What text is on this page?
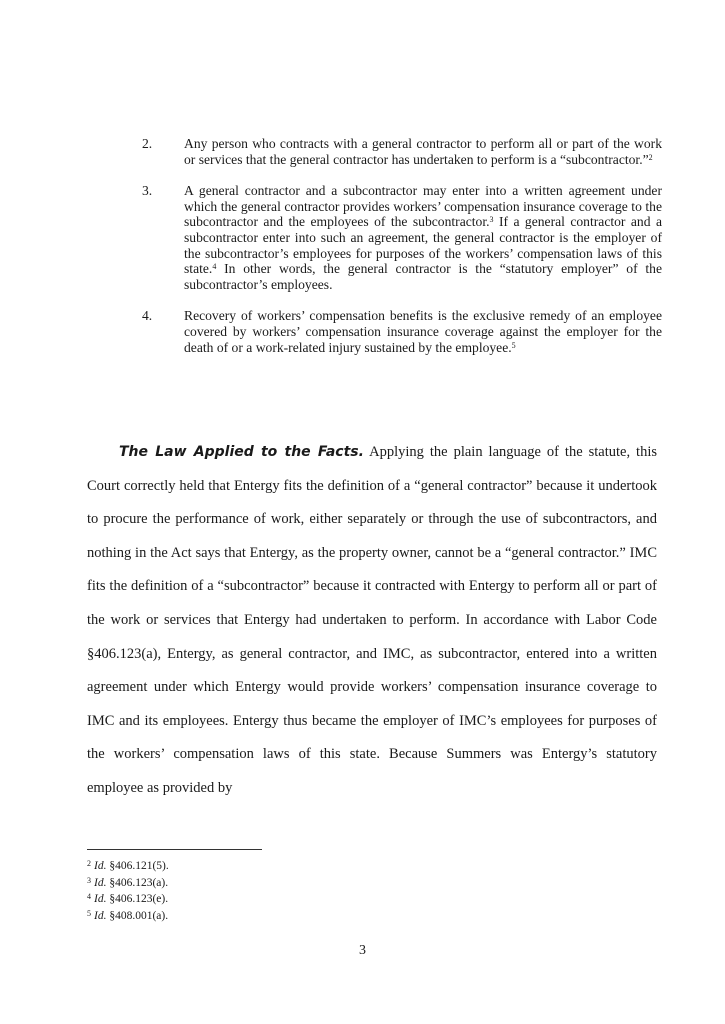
2.	Any person who contracts with a general contractor to perform all or part of the work or services that the general contractor has undertaken to perform is a “subcontractor.”$^2$
3.	A general contractor and a subcontractor may enter into a written agreement under which the general contractor provides workers’ compensation insurance coverage to the subcontractor and the employees of the subcontractor.$^3$ If a general contractor and a subcontractor enter into such an agreement, the general contractor is the employer of the subcontractor’s employees for purposes of the workers’ compensation laws of this state.$^4$ In other words, the general contractor is the “statutory employer” of the subcontractor’s employees.
4.	Recovery of workers’ compensation benefits is the exclusive remedy of an employee covered by workers’ compensation insurance coverage against the employer for the death of or a work-related injury sustained by the employee.$^5$
The Law Applied to the Facts. Applying the plain language of the statute, this Court correctly held that Entergy fits the definition of a “general contractor” because it undertook to procure the performance of work, either separately or through the use of subcontractors, and nothing in the Act says that Entergy, as the property owner, cannot be a “general contractor.” IMC fits the definition of a “subcontractor” because it contracted with Entergy to perform all or part of the work or services that Entergy had undertaken to perform. In accordance with Labor Code §406.123(a), Entergy, as general contractor, and IMC, as subcontractor, entered into a written agreement under which Entergy would provide workers’ compensation insurance coverage to IMC and its employees. Entergy thus became the employer of IMC’s employees for purposes of the workers’ compensation laws of this state. Because Summers was Entergy’s statutory employee as provided by
$^2$ Id. §406.121(5).
$^3$ Id. §406.123(a).
$^4$ Id. §406.123(e).
$^5$ Id. §408.001(a).
3
